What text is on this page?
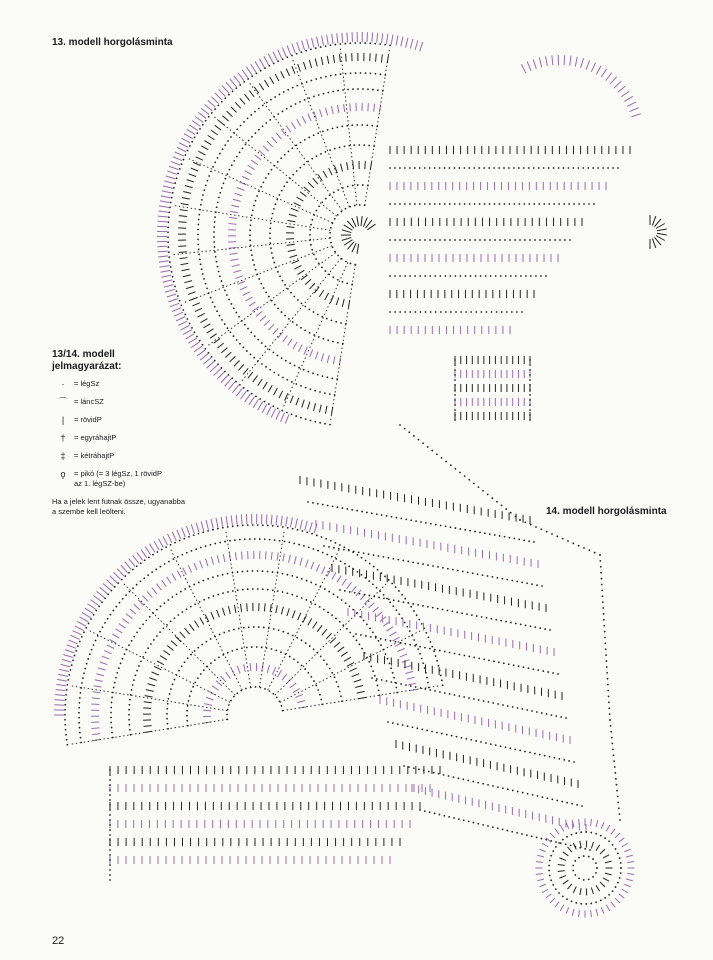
13. modell horgolásminta
14. modell horgolásminta
13/14. modell
jelmagyarázat:
·	= légSz
⌒ = láncSZ
|	= rövidP
†	= egyráhajtP
‡	= kétráhajtP
ϙ	= pikó (= 3 légSz, 1 rövidP
az 1. légSZ-be)
Ha a jelek lent futnak össze, ugyanabba
a szembe kell leölteni.
22
